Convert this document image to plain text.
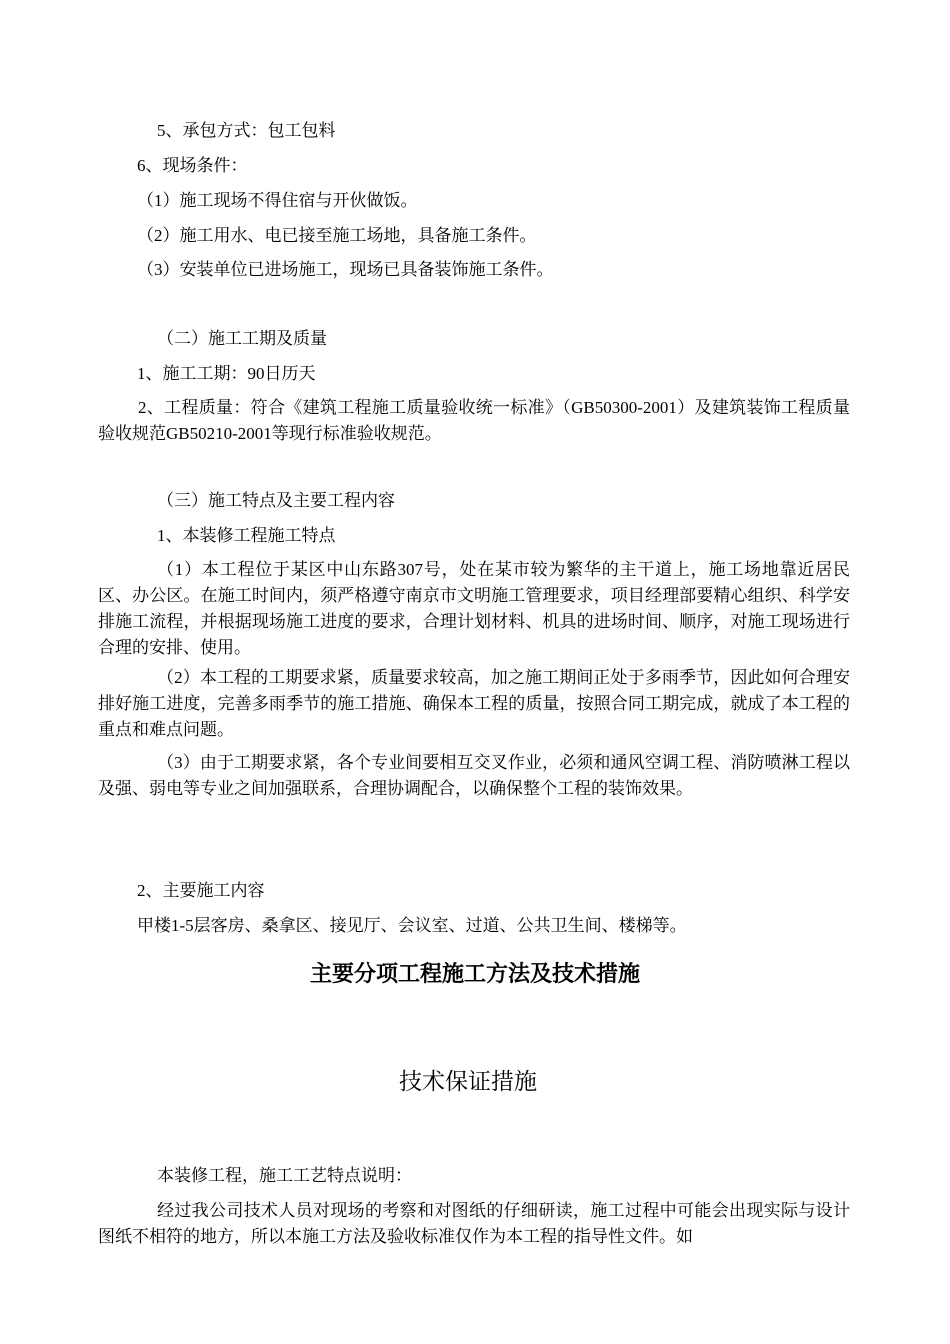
5、承包方式：包工包料
6、现场条件：
（1）施工现场不得住宿与开伙做饭。
（2）施工用水、电已接至施工场地，具备施工条件。
（3）安装单位已进场施工，现场已具备装饰施工条件。
（二）施工工期及质量
1、施工工期：90日历天
2、工程质量：符合《建筑工程施工质量验收统一标准》（GB50300-2001）及建筑装饰工程质量验收规范GB50210-2001等现行标准验收规范。
（三）施工特点及主要工程内容
1、本装修工程施工特点
（1）本工程位于某区中山东路307号，处在某市较为繁华的主干道上，施工场地靠近居民区、办公区。在施工时间内，须严格遵守南京市文明施工管理要求，项目经理部要精心组织、科学安排施工流程，并根据现场施工进度的要求，合理计划材料、机具的进场时间、顺序，对施工现场进行合理的安排、使用。
（2）本工程的工期要求紧，质量要求较高，加之施工期间正处于多雨季节，因此如何合理安排好施工进度，完善多雨季节的施工措施、确保本工程的质量，按照合同工期完成，就成了本工程的重点和难点问题。
（3）由于工期要求紧，各个专业间要相互交叉作业，必须和通风空调工程、消防喷淋工程以及强、弱电等专业之间加强联系，合理协调配合，以确保整个工程的装饰效果。
2、主要施工内容
甲楼1-5层客房、桑拿区、接见厅、会议室、过道、公共卫生间、楼梯等。
主要分项工程施工方法及技术措施
技术保证措施
本装修工程，施工工艺特点说明：
经过我公司技术人员对现场的考察和对图纸的仔细研读，施工过程中可能会出现实际与设计图纸不相符的地方，所以本施工方法及验收标准仅作为本工程的指导性文件。如
